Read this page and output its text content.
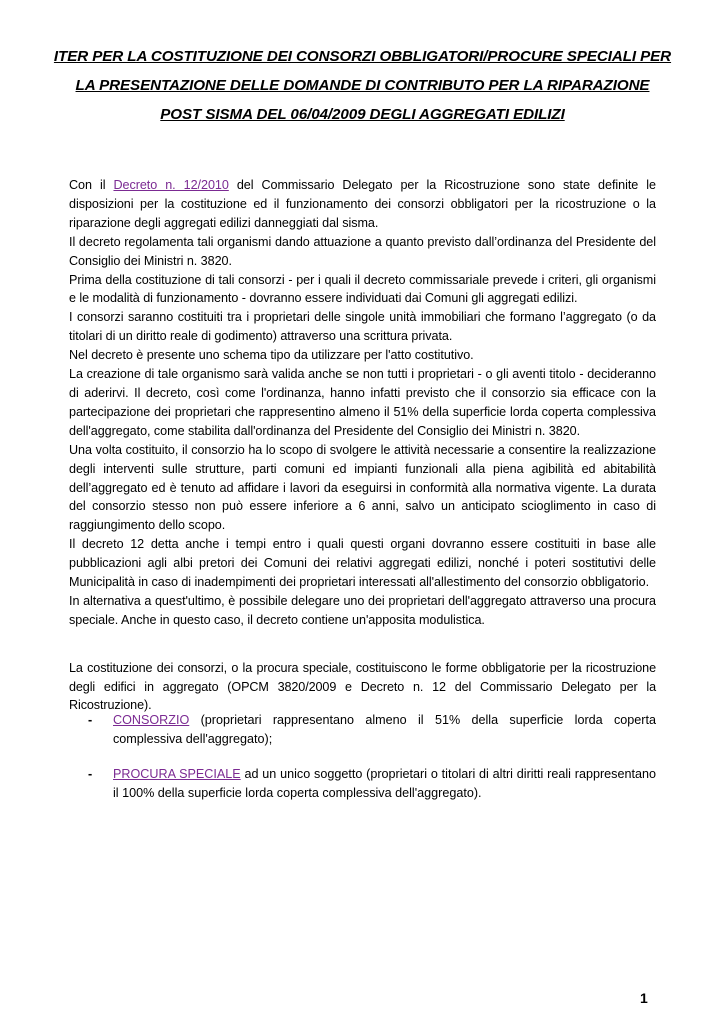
ITER PER LA COSTITUZIONE DEI CONSORZI OBBLIGATORI/PROCURE SPECIALI PER
LA PRESENTAZIONE DELLE DOMANDE DI CONTRIBUTO PER LA RIPARAZIONE
POST SISMA DEL 06/04/2009 DEGLI AGGREGATI EDILIZI

Con il Decreto n. 12/2010 del Commissario Delegato per la Ricostruzione sono state definite le disposizioni per la costituzione ed il funzionamento dei consorzi obbligatori per la ricostruzione o la riparazione degli aggregati edilizi danneggiati dal sisma.

Il decreto regolamenta tali organismi dando attuazione a quanto previsto dall’ordinanza del Presidente del Consiglio dei Ministri n. 3820.

Prima della costituzione di tali consorzi - per i quali il decreto commissariale prevede i criteri, gli organismi e le modalità di funzionamento - dovranno essere individuati dai Comuni gli aggregati edilizi.

I consorzi saranno costituiti tra i proprietari delle singole unità immobiliari che formano l’aggregato (o da titolari di un diritto reale di godimento) attraverso una scrittura privata.

Nel decreto è presente uno schema tipo da utilizzare per l'atto costitutivo.

La creazione di tale organismo sarà valida anche se non tutti i proprietari - o gli aventi titolo - decideranno di aderirvi. Il decreto, così come l'ordinanza, hanno infatti previsto che il consorzio sia efficace con la partecipazione dei proprietari che rappresentino almeno il 51% della superficie lorda coperta complessiva dell'aggregato, come stabilita dall'ordinanza del Presidente del Consiglio dei Ministri n. 3820.

Una volta costituito, il consorzio ha lo scopo di svolgere le attività necessarie a consentire la realizzazione degli interventi sulle strutture, parti comuni ed impianti funzionali alla piena agibilità ed abitabilità dell’aggregato ed è tenuto ad affidare i lavori da eseguirsi in conformità alla normativa vigente. La durata del consorzio stesso non può essere inferiore a 6 anni, salvo un anticipato scioglimento in caso di raggiungimento dello scopo.

Il decreto 12 detta anche i tempi entro i quali questi organi dovranno essere costituiti in base alle pubblicazioni agli albi pretori dei Comuni dei relativi aggregati edilizi, nonché i poteri sostitutivi delle Municipalità in caso di inadempimenti dei proprietari interessati all'allestimento del consorzio obbligatorio.

In alternativa a quest'ultimo, è possibile delegare uno dei proprietari dell'aggregato attraverso una procura speciale. Anche in questo caso, il decreto contiene un'apposita modulistica.

La costituzione dei consorzi, o la procura speciale, costituiscono le forme obbligatorie per la ricostruzione degli edifici in aggregato (OPCM 3820/2009 e Decreto n. 12 del Commissario Delegato per la Ricostruzione).

-	CONSORZIO (proprietari rappresentano almeno il 51% della superficie lorda coperta complessiva dell'aggregato);
-	PROCURA SPECIALE ad un unico soggetto (proprietari o titolari di altri diritti reali rappresentano il 100% della superficie lorda coperta complessiva dell'aggregato).
1
